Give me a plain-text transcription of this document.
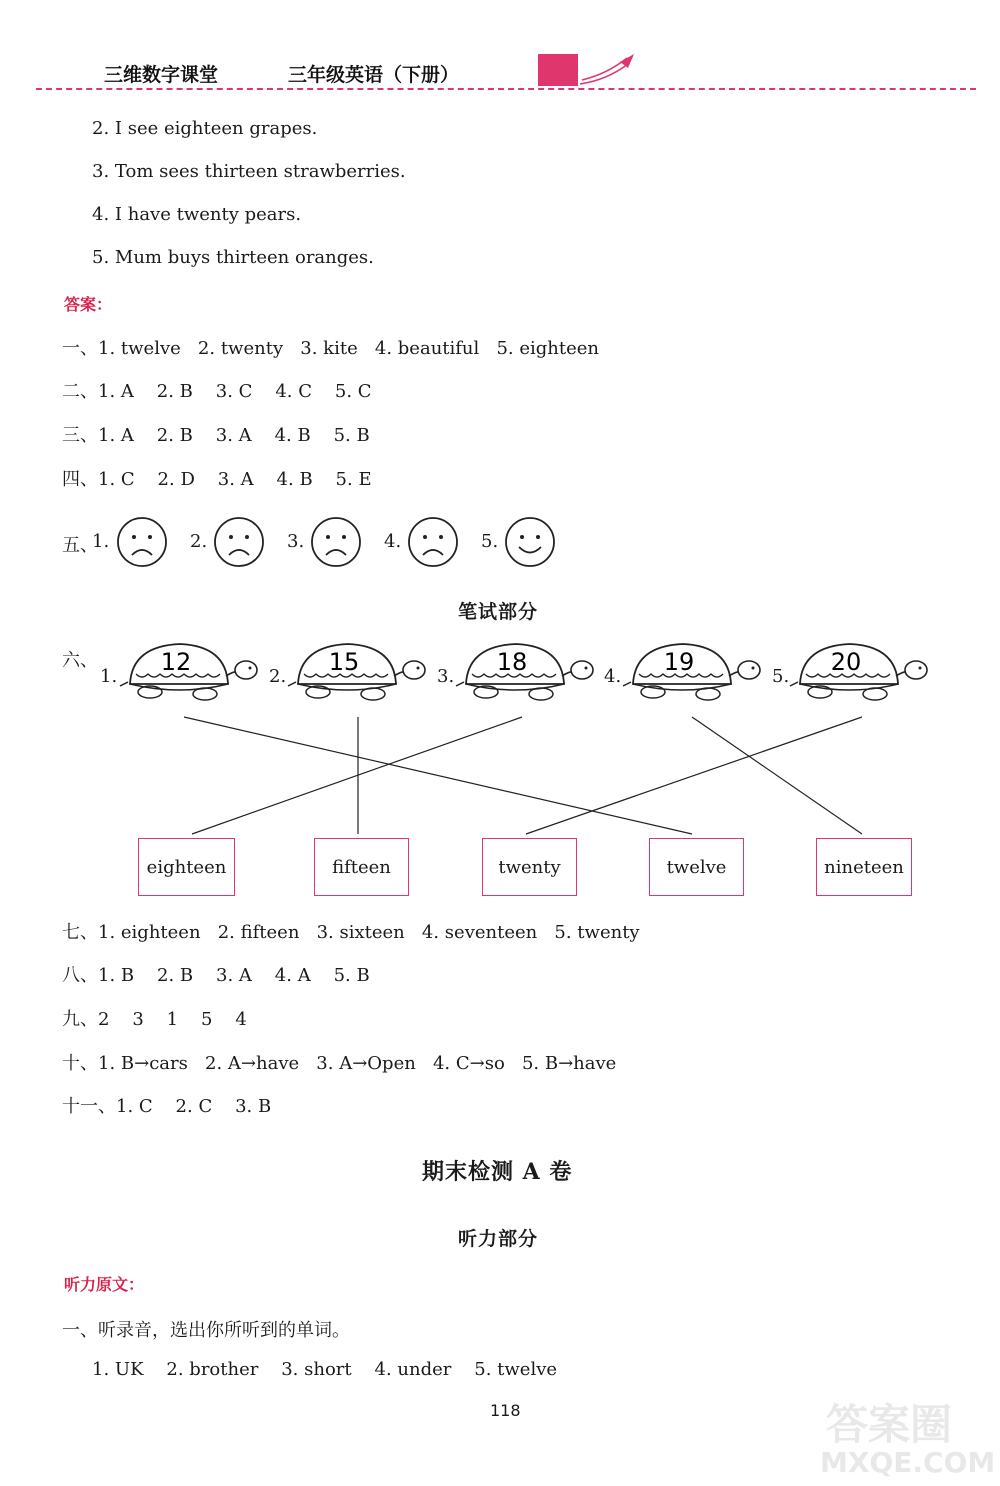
三维数字课堂	三年级英语（下册）
2. I see eighteen grapes.
3. Tom sees thirteen strawberries.
4. I have twenty pears.
5. Mum buys thirteen oranges.
答案：
一、1. twelve   2. twenty   3. kite   4. beautiful   5. eighteen
二、1. A    2. B    3. C    4. C    5. C
三、1. A    2. B    3. A    4. B    5. B
四、1. C    2. D    3. A    4. B    5. E
五、
1.	2.	3.	4.	5.
笔试部分
六、
1.	2.	3.	4.	5.
12	15	18	19	20
eighteen	fifteen	twenty	twelve	nineteen
七、1. eighteen   2. fifteen   3. sixteen   4. seventeen   5. twenty
八、1. B    2. B    3. A    4. A    5. B
九、2    3    1    5    4
十、1. B→cars   2. A→have   3. A→Open   4. C→so   5. B→have
十一、1. C    2. C    3. B
期末检测 A 卷
听力部分
听力原文：
一、听录音，选出你所听到的单词。
1. UK    2. brother    3. short    4. under    5. twelve
118	答案圈
MXQE.COM
